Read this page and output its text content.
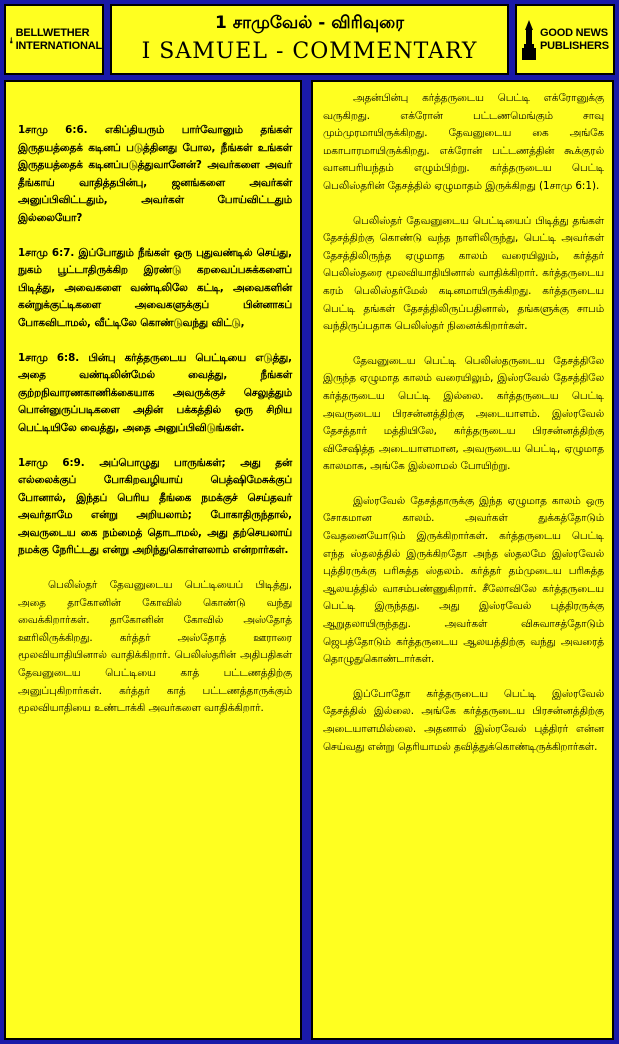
BELLWETHER
INTERNATIONAL
1 சாமுவேல் - விரிவுரை
I SAMUEL - COMMENTARY
GOOD NEWS
PUBLISHERS

1சாமு 6:6. எகிப்தியரும் பார்வோனும் தங்கள் இருதயத்தைக் கடினப் படுத்தினது போல, நீங்கள் உங்கள் இருதயத்தைக் கடினப்படுத்துவானேன்? அவர்களை அவர் தீங்காய் வாதித்தபின்பு, ஜனங்களை அவர்கள் அனுப்பிவிட்டதும், அவர்கள் போய்விட்டதும் இல்லையோ?

1சாமு 6:7. இப்போதும் நீங்கள் ஒரு புதுவண்டில் செய்து, நுகம் பூட்டாதிருக்கிற இரண்டு கறவைப்பசுக்களைப் பிடித்து, அவைகளை வண்டிலிலே கட்டி, அவைகளின் கன்றுக்குட்டிகளை அவைகளுக்குப் பின்னாகப் போகவிடாமல், வீட்டிலே கொண்டுவந்து விட்டு,

1சாமு 6:8. பின்பு கர்த்தருடைய பெட்டியை எடுத்து, அதை வண்டிலின்மேல் வைத்து, நீங்கள் குற்றநிவாரணகாணிக்கையாக அவருக்குச் செலுத்தும் பொன்னுருப்படிகளை அதின் பக்கத்தில் ஒரு சிறிய பெட்டியிலே வைத்து, அதை அனுப்பிவிடுங்கள்.

1சாமு 6:9. அப்பொழுது பாருங்கள்; அது தன் எல்லைக்குப் போகிறவழியாய் பெத்ஷிமேசுக்குப் போனால், இந்தப் பெரிய தீங்கை நமக்குச் செய்தவர் அவர்தாமே என்று அறியலாம்; போகாதிருந்தால், அவருடைய கை நம்மைத் தொடாமல், அது தற்செயலாய் நமக்கு நேரிட்டது என்று அறிந்துகொள்ளலாம் என்றார்கள்.

பெலிஸ்தர் தேவனுடைய பெட்டியைப் பிடித்து, அதை தாகோனின் கோவில் கொண்டு வந்து வைக்கிறார்கள். தாகோனின் கோவில் அஸ்தோத் ஊரிலிருக்கிறது. கர்த்தர் அஸ்தோத் ஊராரை மூலவியாதியினால் வாதிக்கிறார். பெலிஸ்தரின் அதிபதிகள் தேவனுடைய பெட்டியை காத் பட்டணத்திற்கு அனுப்புகிறார்கள். கர்த்தர் காத் பட்டணத்தாருக்கும் மூலவியாதியை உண்டாக்கி அவர்களை வாதிக்கிறார்.

அதன்பின்பு கர்த்தருடைய பெட்டி எக்ரோனுக்கு வருகிறது. எக்ரோன் பட்டணமெங்கும் சாவு மும்முரமாயிருக்கிறது. தேவனுடைய கை அங்கே மகாபாரமாயிருக்கிறது. எக்ரோன் பட்டணத்தின் கூக்குரல் வானபரியந்தம் எழும்பிற்று. கர்த்தருடைய பெட்டி பெலிஸ்தரின் தேசத்தில் ஏழுமாதம் இருக்கிறது (1சாமு 6:1).

பெலிஸ்தர் தேவனுடைய பெட்டியைப் பிடித்து தங்கள் தேசத்திற்கு கொண்டு வந்த நாளிலிருந்து, பெட்டி அவர்கள் தேசத்திலிருந்த ஏழுமாத காலம் வரையிலும், கர்த்தர் பெலிஸ்தரை மூலவியாதியினால் வாதிக்கிறார். கர்த்தருடைய கரம் பெலிஸ்தர்மேல் கடினமாயிருக்கிறது. கர்த்தருடைய பெட்டி தங்கள் தேசத்திலிருப்பதினால், தங்களுக்கு சாபம் வந்திருப்பதாக பெலிஸ்தர் நினைக்கிறார்கள்.

தேவனுடைய பெட்டி பெலிஸ்தருடைய தேசத்திலே இருந்த ஏழுமாத காலம் வரையிலும், இஸ்ரவேல் தேசத்திலே கர்த்தருடைய பெட்டி இல்லை. கர்த்தருடைய பெட்டி அவருடைய பிரசன்னத்திற்கு அடையாளம். இஸ்ரவேல் தேசத்தார் மத்தியிலே, கர்த்தருடைய பிரசன்னத்திற்கு விசேஷித்த அடையாளமான, அவருடைய பெட்டி, ஏழுமாத காலமாக, அங்கே இல்லாமல் போயிற்று.

இஸ்ரவேல் தேசத்தாருக்கு இந்த ஏழுமாத காலம் ஒரு சோகமான காலம். அவர்கள் துக்கத்தோடும் வேதனையோடும் இருக்கிறார்கள். கர்த்தருடைய பெட்டி எந்த ஸ்தலத்தில் இருக்கிறதோ அந்த ஸ்தலமே இஸ்ரவேல் புத்திரருக்கு பரிசுத்த ஸ்தலம். கர்த்தர் தம்முடைய பரிசுத்த ஆலயத்தில் வாசம்பண்ணுகிறார். சீலோவிலே கர்த்தருடைய பெட்டி இருந்தது. அது இஸ்ரவேல் புத்திரருக்கு ஆறுதலாயிருந்தது. அவர்கள் விசுவாசத்தோடும் ஜெபத்தோடும் கர்த்தருடைய ஆலயத்திற்கு வந்து அவரைத் தொழுதுகொண்டார்கள்.

இப்போதோ கர்த்தருடைய பெட்டி இஸ்ரவேல் தேசத்தில் இல்லை. அங்கே கர்த்தருடைய பிரசன்னத்திற்கு அடையாளமில்லை. அதனால் இஸ்ரவேல் புத்திரர் என்ன செய்வது என்று தெரியாமல் தவித்துக்கொண்டிருக்கிறார்கள்.
